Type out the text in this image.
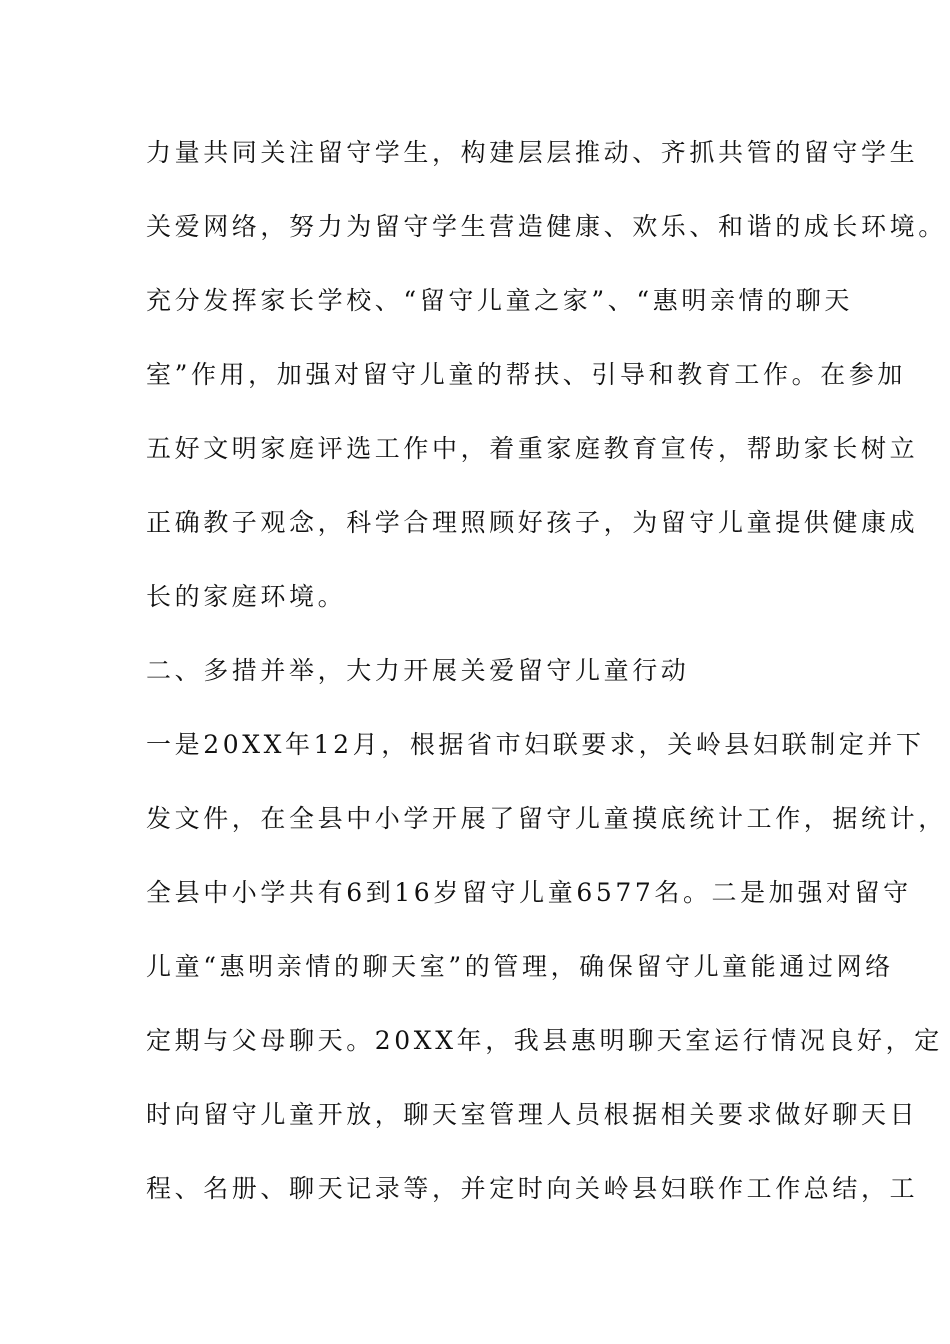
力量共同关注留守学生，构建层层推动、齐抓共管的留守学生
关爱网络，努力为留守学生营造健康、欢乐、和谐的成长环境。
充分发挥家长学校、“留守儿童之家”、“惠明亲情的聊天
室”作用，加强对留守儿童的帮扶、引导和教育工作。在参加
五好文明家庭评选工作中，着重家庭教育宣传，帮助家长树立
正确教子观念，科学合理照顾好孩子，为留守儿童提供健康成
长的家庭环境。
二、多措并举，大力开展关爱留守儿童行动
一是20XX年12月，根据省市妇联要求，关岭县妇联制定并下
发文件，在全县中小学开展了留守儿童摸底统计工作，据统计，
全县中小学共有6到16岁留守儿童6577名。二是加强对留守
儿童“惠明亲情的聊天室”的管理，确保留守儿童能通过网络
定期与父母聊天。20XX年，我县惠明聊天室运行情况良好，定
时向留守儿童开放，聊天室管理人员根据相关要求做好聊天日
程、名册、聊天记录等，并定时向关岭县妇联作工作总结，工
